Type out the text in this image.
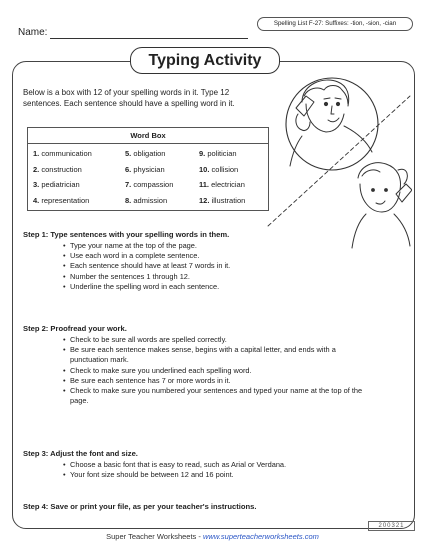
Name:
Spelling List F-27: Suffixes: -tion, -sion, -cian
Typing Activity
Below is a box with 12 of your spelling words in it. Type 12 sentences. Each sentence should have a spelling word in it.
Word Box
1. communication	5. obligation	9. politician
2. construction	6. physician	10. collision
3. pediatrician	7. compassion	11. electrician
4. representation	8. admission	12. illustration
Step 1: Type sentences with your spelling words in them.
• Type your name at the top of the page.
• Use each word in a complete sentence.
• Each sentence should have at least 7 words in it.
• Number the sentences 1 through 12.
• Underline the spelling word in each sentence.
Step 2: Proofread your work.
• Check to be sure all words are spelled correctly.
• Be sure each sentence makes sense, begins with a capital letter, and ends with a punctuation mark.
• Check to make sure you underlined each spelling word.
• Be sure each sentence has 7 or more words in it.
• Check to make sure you numbered your sentences and typed your name at the top of the page.
Step 3: Adjust the font and size.
• Choose a basic font that is easy to read, such as Arial or Verdana.
• Your font size should be between 12 and 16 point.
Step 4: Save or print your file, as per your teacher's instructions.
200321
Super Teacher Worksheets - www.superteacherworksheets.com
